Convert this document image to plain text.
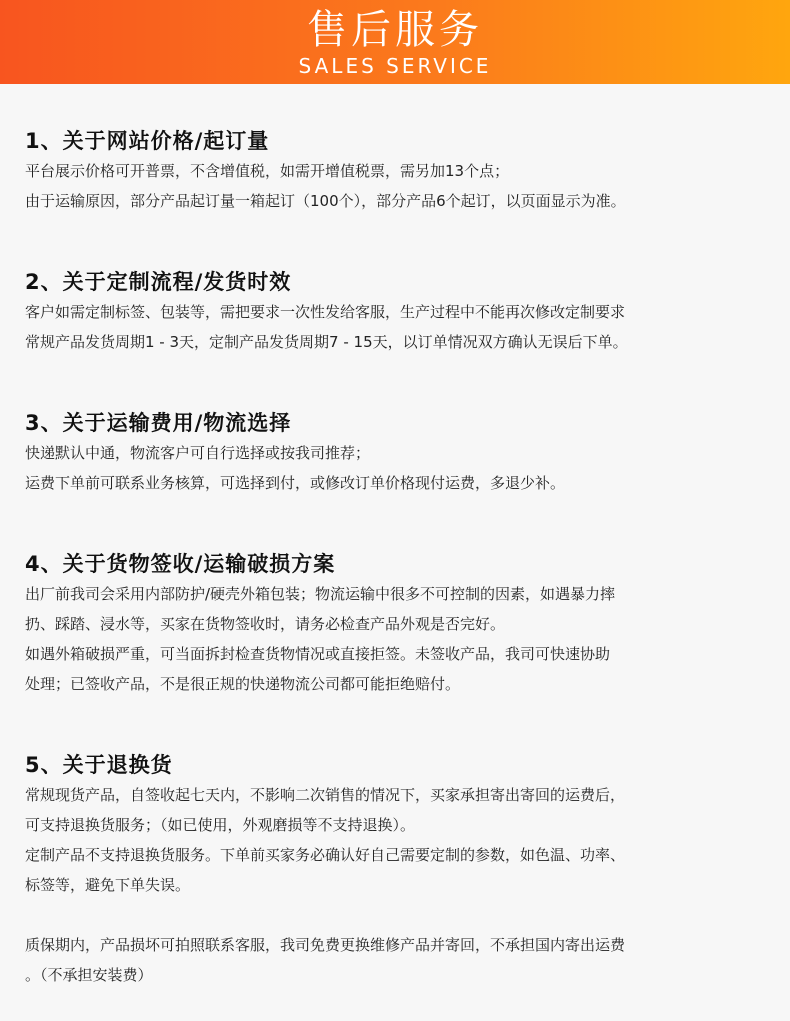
售后服务
SALES SERVICE
1、关于网站价格/起订量

平台展示价格可开普票，不含增值税，如需开增值税票，需另加13个点；

由于运输原因，部分产品起订量一箱起订（100个），部分产品6个起订，以页面显示为准。

2、关于定制流程/发货时效

客户如需定制标签、包装等，需把要求一次性发给客服，生产过程中不能再次修改定制要求

常规产品发货周期1 - 3天，定制产品发货周期7 - 15天，以订单情况双方确认无误后下单。

3、关于运输费用/物流选择

快递默认中通，物流客户可自行选择或按我司推荐；

运费下单前可联系业务核算，可选择到付，或修改订单价格现付运费，多退少补。

4、关于货物签收/运输破损方案

出厂前我司会采用内部防护/硬壳外箱包装；物流运输中很多不可控制的因素，如遇暴力摔

扔、踩踏、浸水等，买家在货物签收时，请务必检查产品外观是否完好。

如遇外箱破损严重，可当面拆封检查货物情况或直接拒签。未签收产品，我司可快速协助

处理；已签收产品，不是很正规的快递物流公司都可能拒绝赔付。

5、关于退换货

常规现货产品，自签收起七天内，不影响二次销售的情况下，买家承担寄出寄回的运费后，

可支持退换货服务；（如已使用，外观磨损等不支持退换）。

定制产品不支持退换货服务。下单前买家务必确认好自己需要定制的参数，如色温、功率、

标签等，避免下单失误。

质保期内，产品损坏可拍照联系客服，我司免费更换维修产品并寄回，不承担国内寄出运费

。（不承担安装费）
